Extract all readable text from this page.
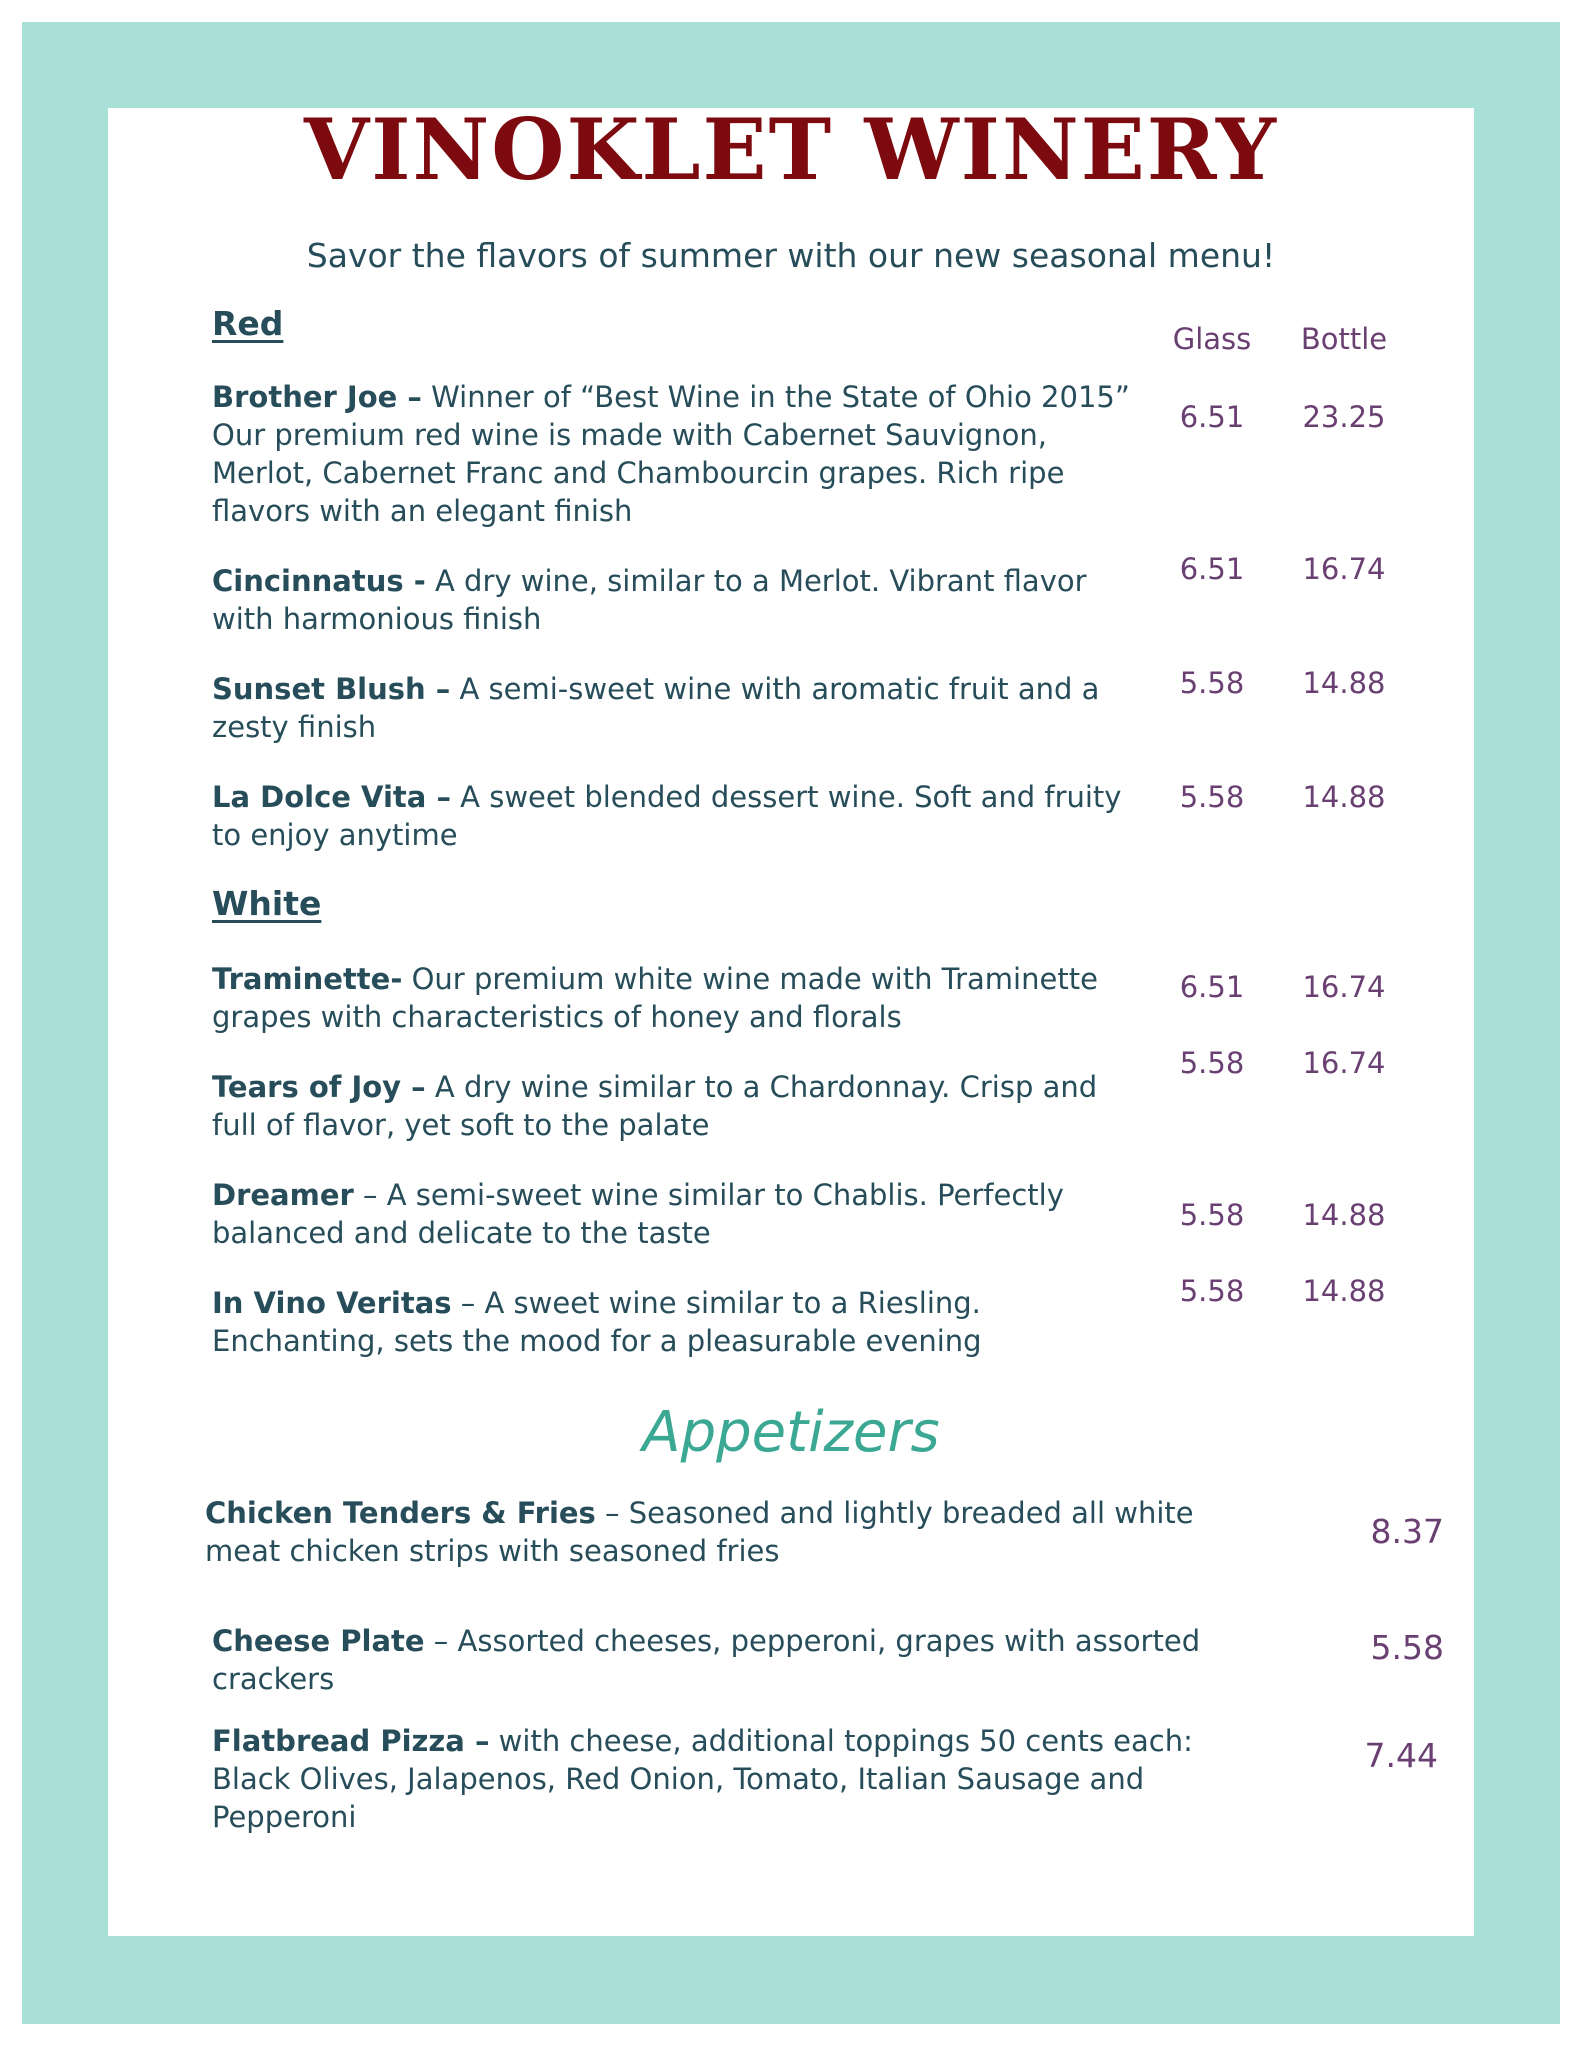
VINOKLET WINERY

Savor the flavors of summer with our new seasonal menu!

Red	Glass	Bottle
Brother Joe – Winner of “Best Wine in the State of Ohio 2015” Our premium red wine is made with Cabernet Sauvignon, Merlot, Cabernet Franc and Chambourcin grapes. Rich ripe flavors with an elegant finish
6.51	23.25
Cincinnatus - A dry wine, similar to a Merlot. Vibrant flavor with harmonious finish
6.51	16.74
Sunset Blush – A semi-sweet wine with aromatic fruit and a zesty finish
5.58	14.88
La Dolce Vita – A sweet blended dessert wine. Soft and fruity to enjoy anytime
5.58	14.88
White
Traminette- Our premium white wine made with Traminette grapes with characteristics of honey and florals
6.51	16.74
Tears of Joy – A dry wine similar to a Chardonnay. Crisp and full of flavor, yet soft to the palate
5.58	16.74
Dreamer – A semi-sweet wine similar to Chablis. Perfectly balanced and delicate to the taste
5.58	14.88
In Vino Veritas – A sweet wine similar to a Riesling. Enchanting, sets the mood for a pleasurable evening
5.58	14.88
Appetizers
Chicken Tenders & Fries – Seasoned and lightly breaded all white meat chicken strips with seasoned fries	8.37
Cheese Plate – Assorted cheeses, pepperoni, grapes with assorted crackers
5.58
Flatbread Pizza – with cheese, additional toppings 50 cents each: Black Olives, Jalapenos, Red Onion, Tomato, Italian Sausage and Pepperoni
7.44
